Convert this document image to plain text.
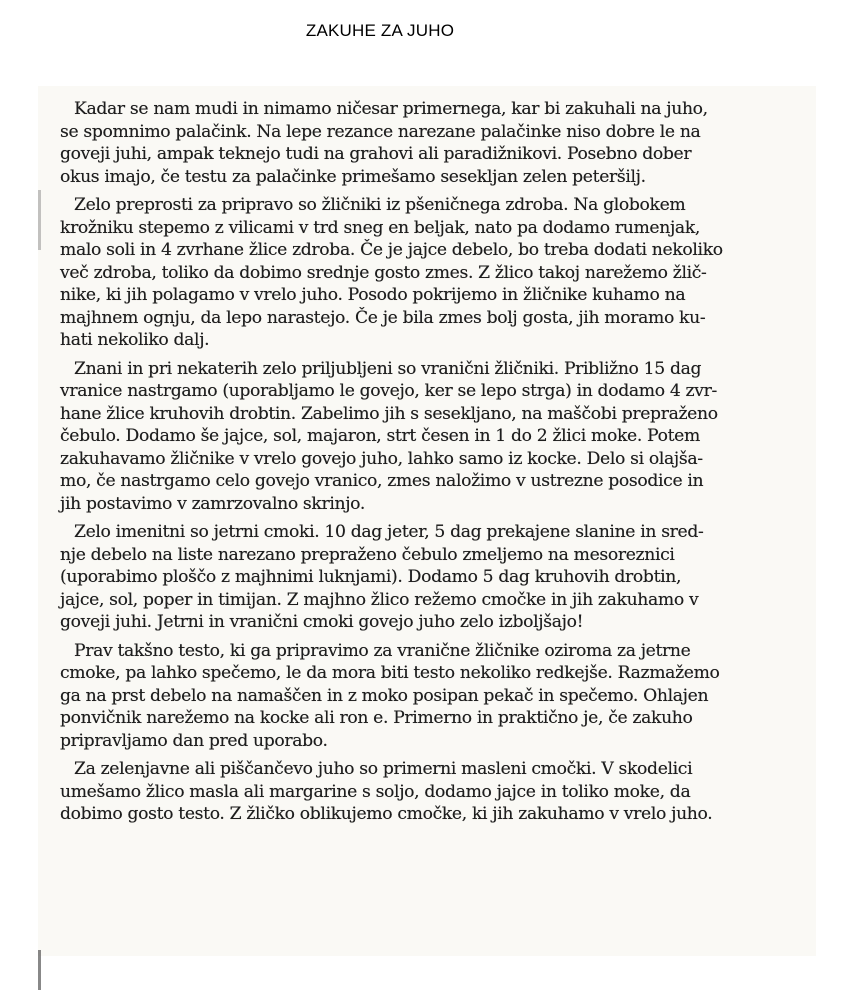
ZAKUHE ZA JUHO
Kadar se nam mudi in nimamo ničesar primernega, kar bi zakuhali na juho,
se spomnimo palačink. Na lepe rezance narezane palačinke niso dobre le na
goveji juhi, ampak teknejo tudi na grahovi ali paradižnikovi. Posebno dober
okus imajo, če testu za palačinke primešamo sesekljan zelen peteršilj.
Zelo preprosti za pripravo so žličniki iz pšeničnega zdroba. Na globokem
krožniku stepemo z vilicami v trd sneg en beljak, nato pa dodamo rumenjak,
malo soli in 4 zvrhane žlice zdroba. Če je jajce debelo, bo treba dodati nekoliko
več zdroba, toliko da dobimo srednje gosto zmes. Z žlico takoj narežemo žlič-
nike, ki jih polagamo v vrelo juho. Posodo pokrijemo in žličnike kuhamo na
majhnem ognju, da lepo narastejo. Če je bila zmes bolj gosta, jih moramo ku-
hati nekoliko dalj.
Znani in pri nekaterih zelo priljubljeni so vranični žličniki. Približno 15 dag
vranice nastrgamo (uporabljamo le govejo, ker se lepo strga) in dodamo 4 zvr-
hane žlice kruhovih drobtin. Zabelimo jih s sesekljano, na maščobi prepraženo
čebulo. Dodamo še jajce, sol, majaron, strt česen in 1 do 2 žlici moke. Potem
zakuhavamo žličnike v vrelo govejo juho, lahko samo iz kocke. Delo si olajša-
mo, če nastrgamo celo govejo vranico, zmes naložimo v ustrezne posodice in
jih postavimo v zamrzovalno skrinjo.
Zelo imenitni so jetrni cmoki. 10 dag jeter, 5 dag prekajene slanine in sred-
nje debelo na liste narezano prepraženo čebulo zmeljemo na mesoreznici
(uporabimo ploščo z majhnimi luknjami). Dodamo 5 dag kruhovih drobtin,
jajce, sol, poper in timijan. Z majhno žlico režemo cmočke in jih zakuhamo v
goveji juhi. Jetrni in vranični cmoki govejo juho zelo izboljšajo!
Prav takšno testo, ki ga pripravimo za vranične žličnike oziroma za jetrne
cmoke, pa lahko spečemo, le da mora biti testo nekoliko redkejše. Razmažemo
ga na prst debelo na namaščen in z moko posipan pekač in spečemo. Ohlajen
ponvičnik narežemo na kocke ali ron e. Primerno in praktično je, če zakuho
pripravljamo dan pred uporabo.
Za zelenjavne ali piščančevo juho so primerni masleni cmočki. V skodelici
umešamo žlico masla ali margarine s soljo, dodamo jajce in toliko moke, da
dobimo gosto testo. Z žličko oblikujemo cmočke, ki jih zakuhamo v vrelo juho.
